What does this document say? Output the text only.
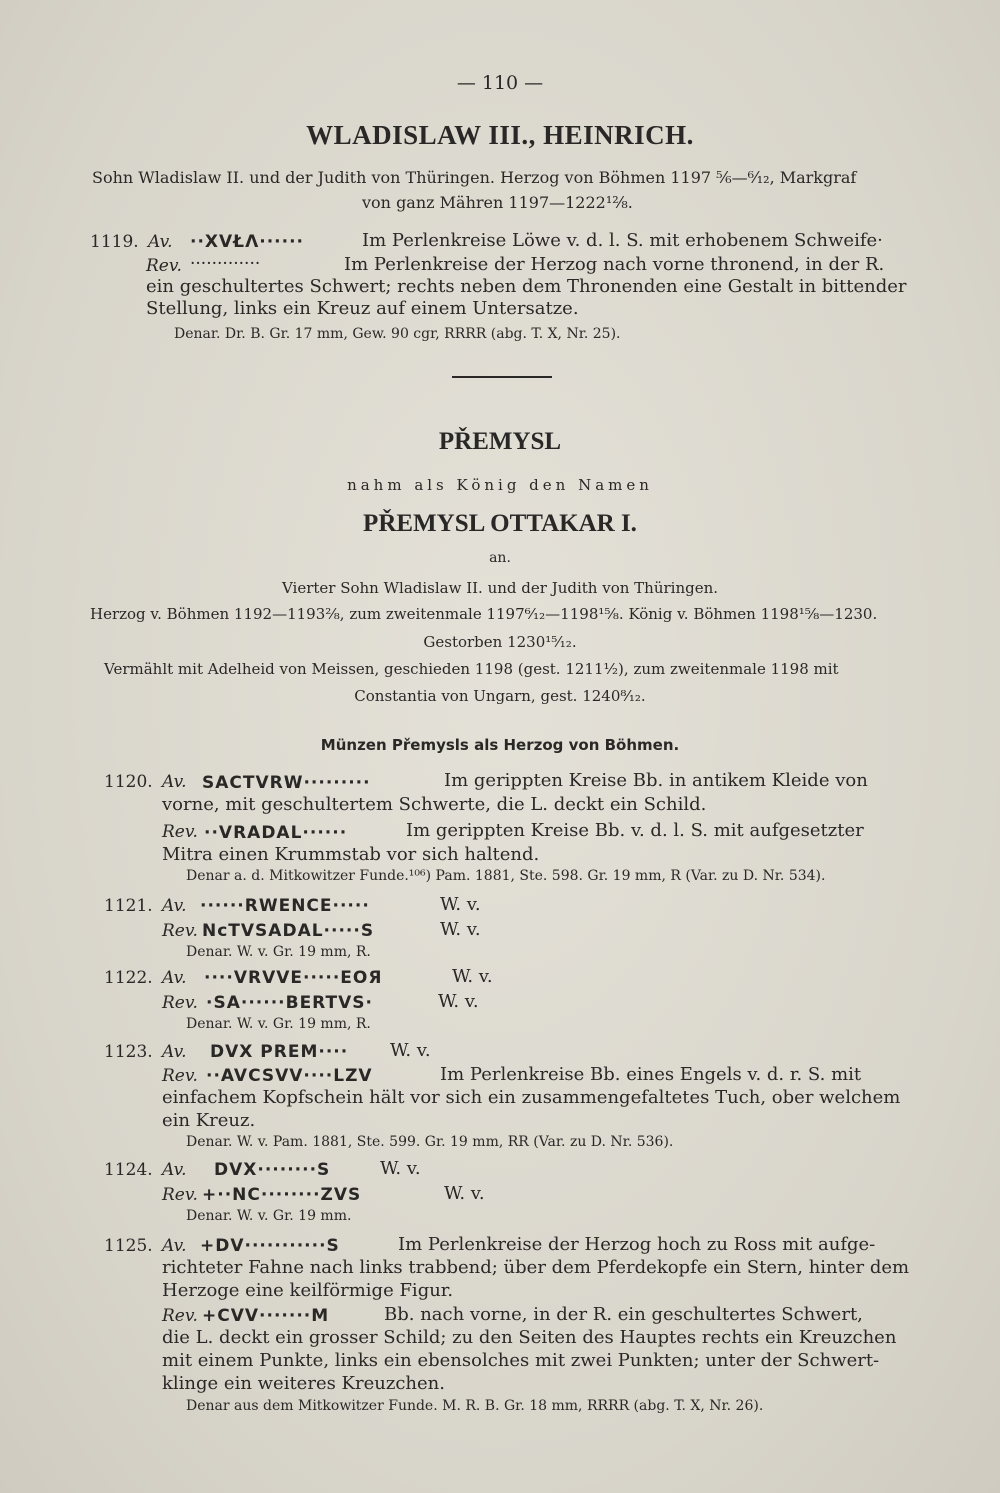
— 110 —
WLADISLAW III., HEINRICH.
Sohn Wladislaw II. und der Judith von Thüringen. Herzog von Böhmen 1197 ⁵⁄₆—⁶⁄₁₂, Markgraf
von ganz Mähren 1197—1222¹²⁄₈.
1119. Av. ··XVŁΛ······	Im Perlenkreise Löwe v. d. l. S. mit erhobenem Schweife·
Rev. ·············	Im Perlenkreise der Herzog nach vorne thronend, in der R.
ein geschultertes Schwert; rechts neben dem Thronenden eine Gestalt in bittender
Stellung, links ein Kreuz auf einem Untersatze.
Denar. Dr. B. Gr. 17 mm, Gew. 90 cgr, RRRR (abg. T. X, Nr. 25).
PŘEMYSL
nahm als König den Namen
PŘEMYSL OTTAKAR I.
an.
Vierter Sohn Wladislaw II. und der Judith von Thüringen.
Herzog v. Böhmen 1192—1193²⁄₈, zum zweitenmale 1197⁶⁄₁₂—1198¹⁵⁄₈. König v. Böhmen 1198¹⁵⁄₈—1230.
Gestorben 1230¹⁵⁄₁₂.
Vermählt mit Adelheid von Meissen, geschieden 1198 (gest. 1211¹⁄₂), zum zweitenmale 1198 mit
Constantia von Ungarn, gest. 1240⁸⁄₁₂.
Münzen Přemysls als Herzog von Böhmen.
1120. Av. SACTVRW·········	Im gerippten Kreise Bb. in antikem Kleide von
vorne, mit geschultertem Schwerte, die L. deckt ein Schild.
Rev. ··VRADAL······	Im gerippten Kreise Bb. v. d. l. S. mit aufgesetzter
Mitra einen Krummstab vor sich haltend.
Denar a. d. Mitkowitzer Funde.¹⁰⁶) Pam. 1881, Ste. 598. Gr. 19 mm, R (Var. zu D. Nr. 534).
1121. Av. ······RWENCE·····	W. v.
Rev. NcTVSADAL·····S	W. v.
Denar. W. v. Gr. 19 mm, R.
1122. Av. ····VRVVE·····EOЯ	W. v.
Rev. ·SA······BERTVS·	W. v.
Denar. W. v. Gr. 19 mm, R.
1123. Av. DVX PREM···· W. v.
Rev. ··AVCSVV····LZV	Im Perlenkreise Bb. eines Engels v. d. r. S. mit
einfachem Kopfschein hält vor sich ein zusammengefaltetes Tuch, ober welchem
ein Kreuz.
Denar. W. v. Pam. 1881, Ste. 599. Gr. 19 mm, RR (Var. zu D. Nr. 536).
1124. Av. DVX········S	W. v.
Rev. +··NC········ZVS	W. v.
Denar. W. v. Gr. 19 mm.
1125. Av. +DV···········S	Im Perlenkreise der Herzog hoch zu Ross mit aufge-
richteter Fahne nach links trabbend; über dem Pferdekopfe ein Stern, hinter dem
Herzoge eine keilförmige Figur.
Rev. +CVV·······M	Bb. nach vorne, in der R. ein geschultertes Schwert,
die L. deckt ein grosser Schild; zu den Seiten des Hauptes rechts ein Kreuzchen
mit einem Punkte, links ein ebensolches mit zwei Punkten; unter der Schwert-
klinge ein weiteres Kreuzchen.
Denar aus dem Mitkowitzer Funde. M. R. B. Gr. 18 mm, RRRR (abg. T. X, Nr. 26).
